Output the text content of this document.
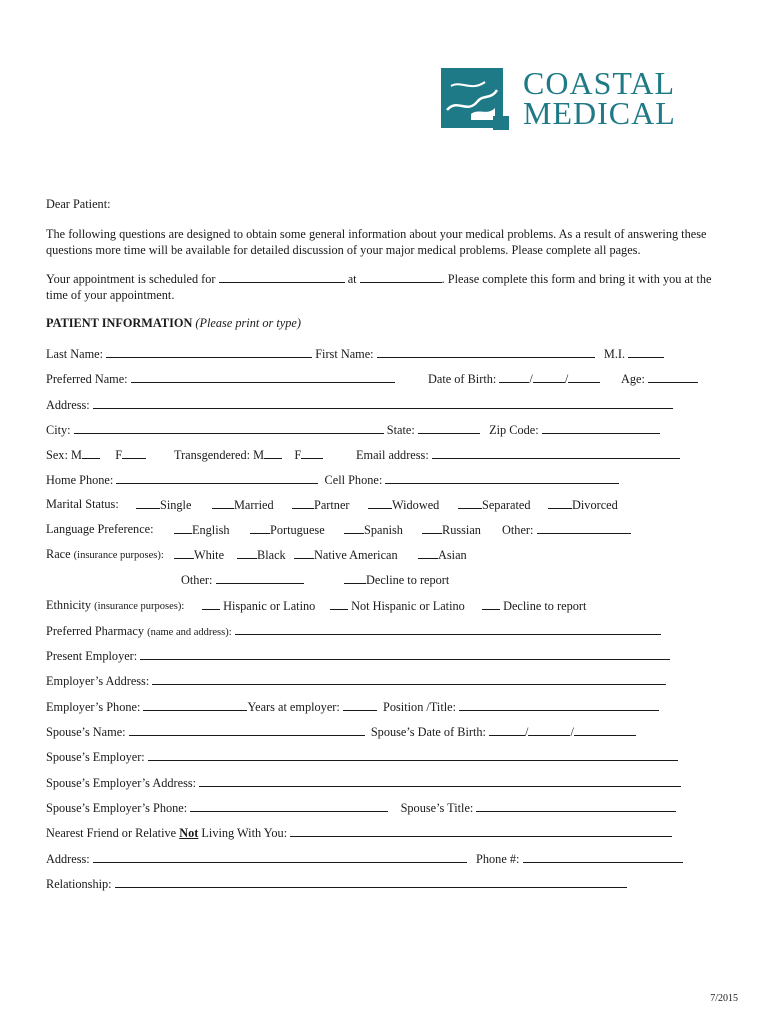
COASTAL
MEDICAL
Dear Patient:
The following questions are designed to obtain some general information about your medical problems. As a result of answering these
questions more time will be available for detailed discussion of your major medical problems. Please complete all pages.
Your appointment is scheduled for	at	. Please complete this form and bring it with you at the
time of your appointment.
PATIENT INFORMATION (Please print or type)
Last Name:	First Name:	M.I.
Preferred Name:	Date of Birth:	/	/	Age:
Address:
City:	State:	Zip Code:
Sex: M	F	Transgendered: M F	Email address:
Home Phone:	Cell Phone:
Marital Status:	Single	Married	Partner	Widowed	Separated	Divorced
Language Preference:	English	Portuguese	Spanish	Russian Other:
Race (insurance purposes):	White	Black	Native American	Asian
Other:	Decline to report
Ethnicity (insurance purposes):	Hispanic or Latino	Not Hispanic or Latino	Decline to report
Preferred Pharmacy (name and address):
Present Employer:
Employer’s Address:
Employer’s Phone:	Years at employer:	Position /Title:
Spouse’s Name:	Spouse’s Date of Birth:	/	/
Spouse’s Employer:
Spouse’s Employer’s Address:
Spouse’s Employer’s Phone:	Spouse’s Title:
Nearest Friend or Relative Not Living With You:
Address:	Phone #:
Relationship:
7/2015
